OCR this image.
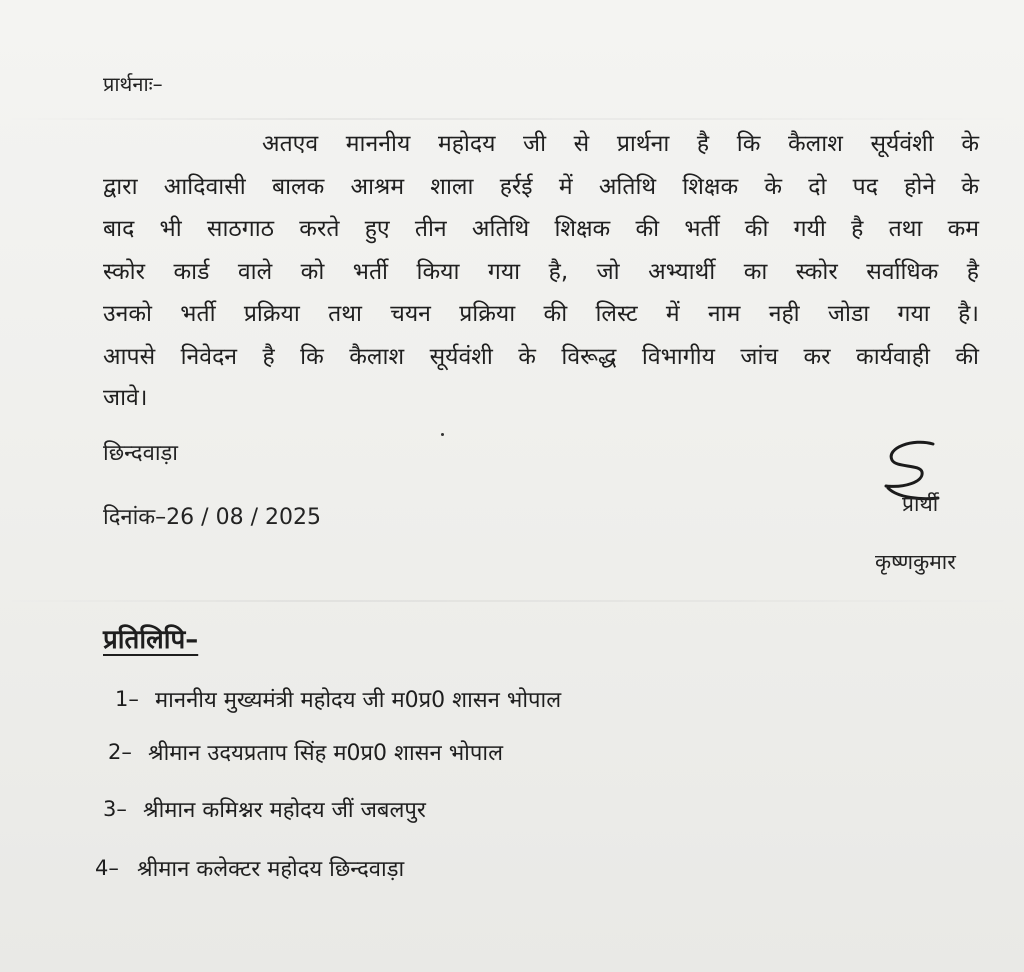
प्रार्थनाः–
अतएव माननीय महोदय जी से प्रार्थना है कि कैलाश सूर्यवंशी के
द्वारा आदिवासी बालक आश्रम शाला हर्रई में अतिथि शिक्षक के दो पद होने के
बाद भी साठगाठ करते हुए तीन अतिथि शिक्षक की भर्ती की गयी है तथा कम
स्कोर कार्ड वाले को भर्ती किया गया है, जो अभ्यार्थी का स्कोर सर्वाधिक है
उनको भर्ती प्रक्रिया तथा चयन प्रक्रिया की लिस्ट में नाम नही जोडा गया है।
आपसे निवेदन है कि कैलाश सूर्यवंशी के विरूद्ध विभागीय जांच कर कार्यवाही की
जावे।
छिन्दवाड़ा
दिनांक–26 / 08 / 2025
प्रार्थी
कृष्णकुमार
प्रतिलिपि–
1– माननीय मुख्यमंत्री महोदय जी म0प्र0 शासन भोपाल
2– श्रीमान उदयप्रताप सिंह म0प्र0 शासन भोपाल
3– श्रीमान कमिश्नर महोदय जीं जबलपुर
4– श्रीमान कलेक्टर महोदय छिन्दवाड़ा
